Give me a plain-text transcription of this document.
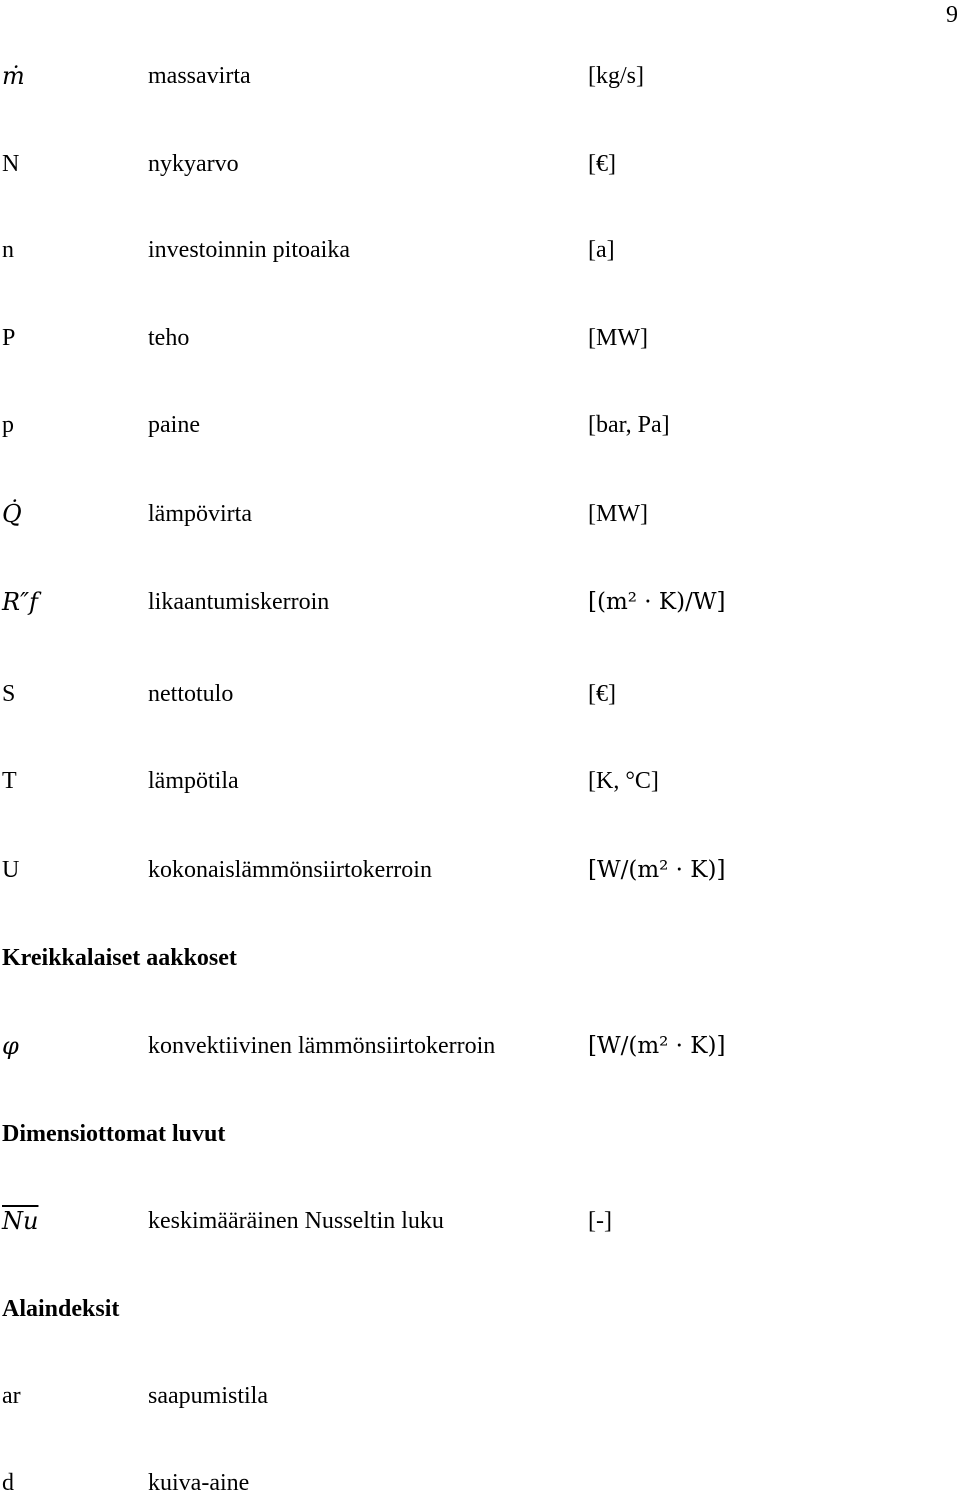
9
ṁ	massavirta	[kg/s]
N	nykyarvo	[€]
n	investoinnin pitoaika	[a]
P	teho	[MW]
p	paine	[bar, Pa]
Q̇	lämpövirta	[MW]
R″f	likaantumiskerroin	[(m² · K)/W]
S	nettotulo	[€]
T	lämpötila	[K, °C]
U	kokonaislämmönsiirtokerroin	[W/(m² · K)]
Kreikkalaiset aakkoset
φ	konvektiivinen lämmönsiirtokerroin	[W/(m² · K)]
Dimensiottomat luvut
$\overline{Nu}$	keskimääräinen Nusseltin luku	[-]
Alaindeksit
ar	saapumistila
d	kuiva-aine
